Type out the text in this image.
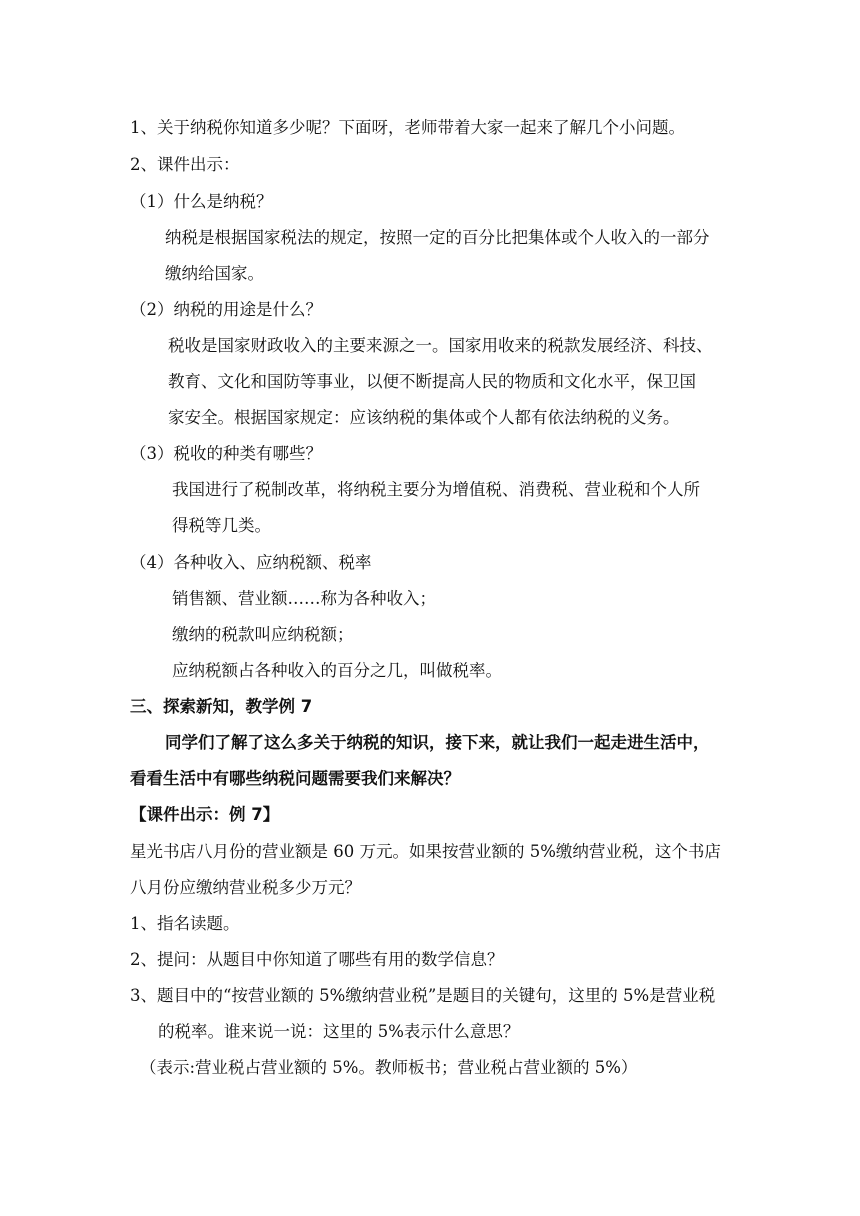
1、关于纳税你知道多少呢？下面呀，老师带着大家一起来了解几个小问题。
2、课件出示：
（1）什么是纳税？
纳税是根据国家税法的规定，按照一定的百分比把集体或个人收入的一部分
缴纳给国家。
（2）纳税的用途是什么？
税收是国家财政收入的主要来源之一。国家用收来的税款发展经济、科技、
教育、文化和国防等事业，以便不断提高人民的物质和文化水平，保卫国
家安全。根据国家规定：应该纳税的集体或个人都有依法纳税的义务。
（3）税收的种类有哪些？
我国进行了税制改革，将纳税主要分为增值税、消费税、营业税和个人所
得税等几类。
（4）各种收入、应纳税额、税率
销售额、营业额……称为各种收入；
缴纳的税款叫应纳税额；
应纳税额占各种收入的百分之几，叫做税率。
三、探索新知，教学例 7
同学们了解了这么多关于纳税的知识，接下来，就让我们一起走进生活中，
看看生活中有哪些纳税问题需要我们来解决？
【课件出示：例 7】
星光书店八月份的营业额是 60 万元。如果按营业额的 5%缴纳营业税，这个书店
八月份应缴纳营业税多少万元？
1、指名读题。
2、提问：从题目中你知道了哪些有用的数学信息？
3、题目中的“按营业额的 5%缴纳营业税”是题目的关键句，这里的 5%是营业税
的税率。谁来说一说：这里的 5%表示什么意思？
（表示:营业税占营业额的 5%。教师板书；营业税占营业额的 5%）
